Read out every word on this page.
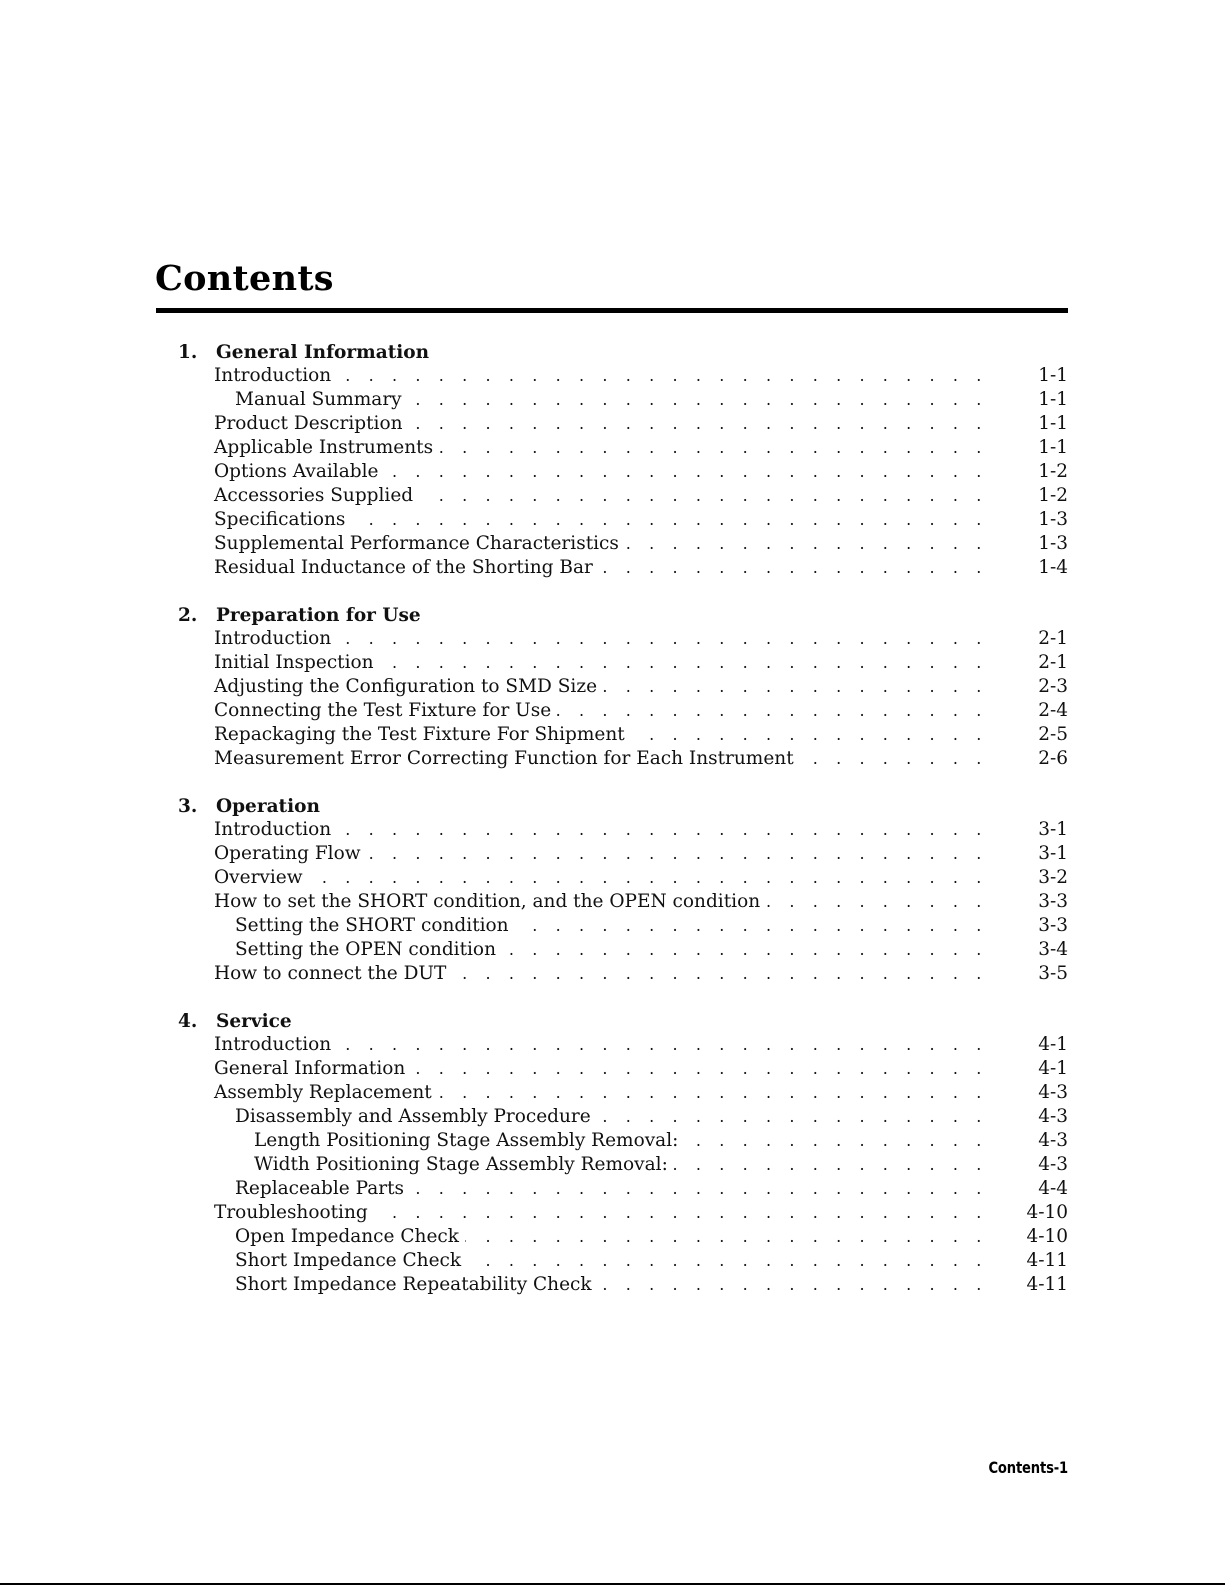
Contents
1.	General Information
Introduction . . .	1-1
Manual Summary . . .	1-1
Product Description . . .	1-1
Applicable Instruments . . .	1-1
Options Available . . .	1-2
Accessories Supplied . . .	1-2
Specifications . . .	1-3
Supplemental Performance Characteristics . . .	1-3
Residual Inductance of the Shorting Bar . . .	1-4
2.	Preparation for Use
Introduction . . .	2-1
Initial Inspection . . .	2-1
Adjusting the Configuration to SMD Size . . .	2-3
Connecting the Test Fixture for Use . . .	2-4
Repackaging the Test Fixture For Shipment . . .	2-5
Measurement Error Correcting Function for Each Instrument . . .	2-6
3.	Operation
Introduction . . .	3-1
Operating Flow . . .	3-1
Overview . . .	3-2
How to set the SHORT condition, and the OPEN condition . . .	3-3
Setting the SHORT condition . . .	3-3
Setting the OPEN condition . . .	3-4
How to connect the DUT . . .	3-5
4.	Service
Introduction . . .	4-1
General Information . . .	4-1
Assembly Replacement . . .	4-3
Disassembly and Assembly Procedure . . .	4-3
Length Positioning Stage Assembly Removal: . . .	4-3
Width Positioning Stage Assembly Removal: . . .	4-3
Replaceable Parts . . .	4-4
Troubleshooting . . .	4-10
Open Impedance Check . . .	4-10
Short Impedance Check . . .	4-11
Short Impedance Repeatability Check . . .	4-11
Contents-1
